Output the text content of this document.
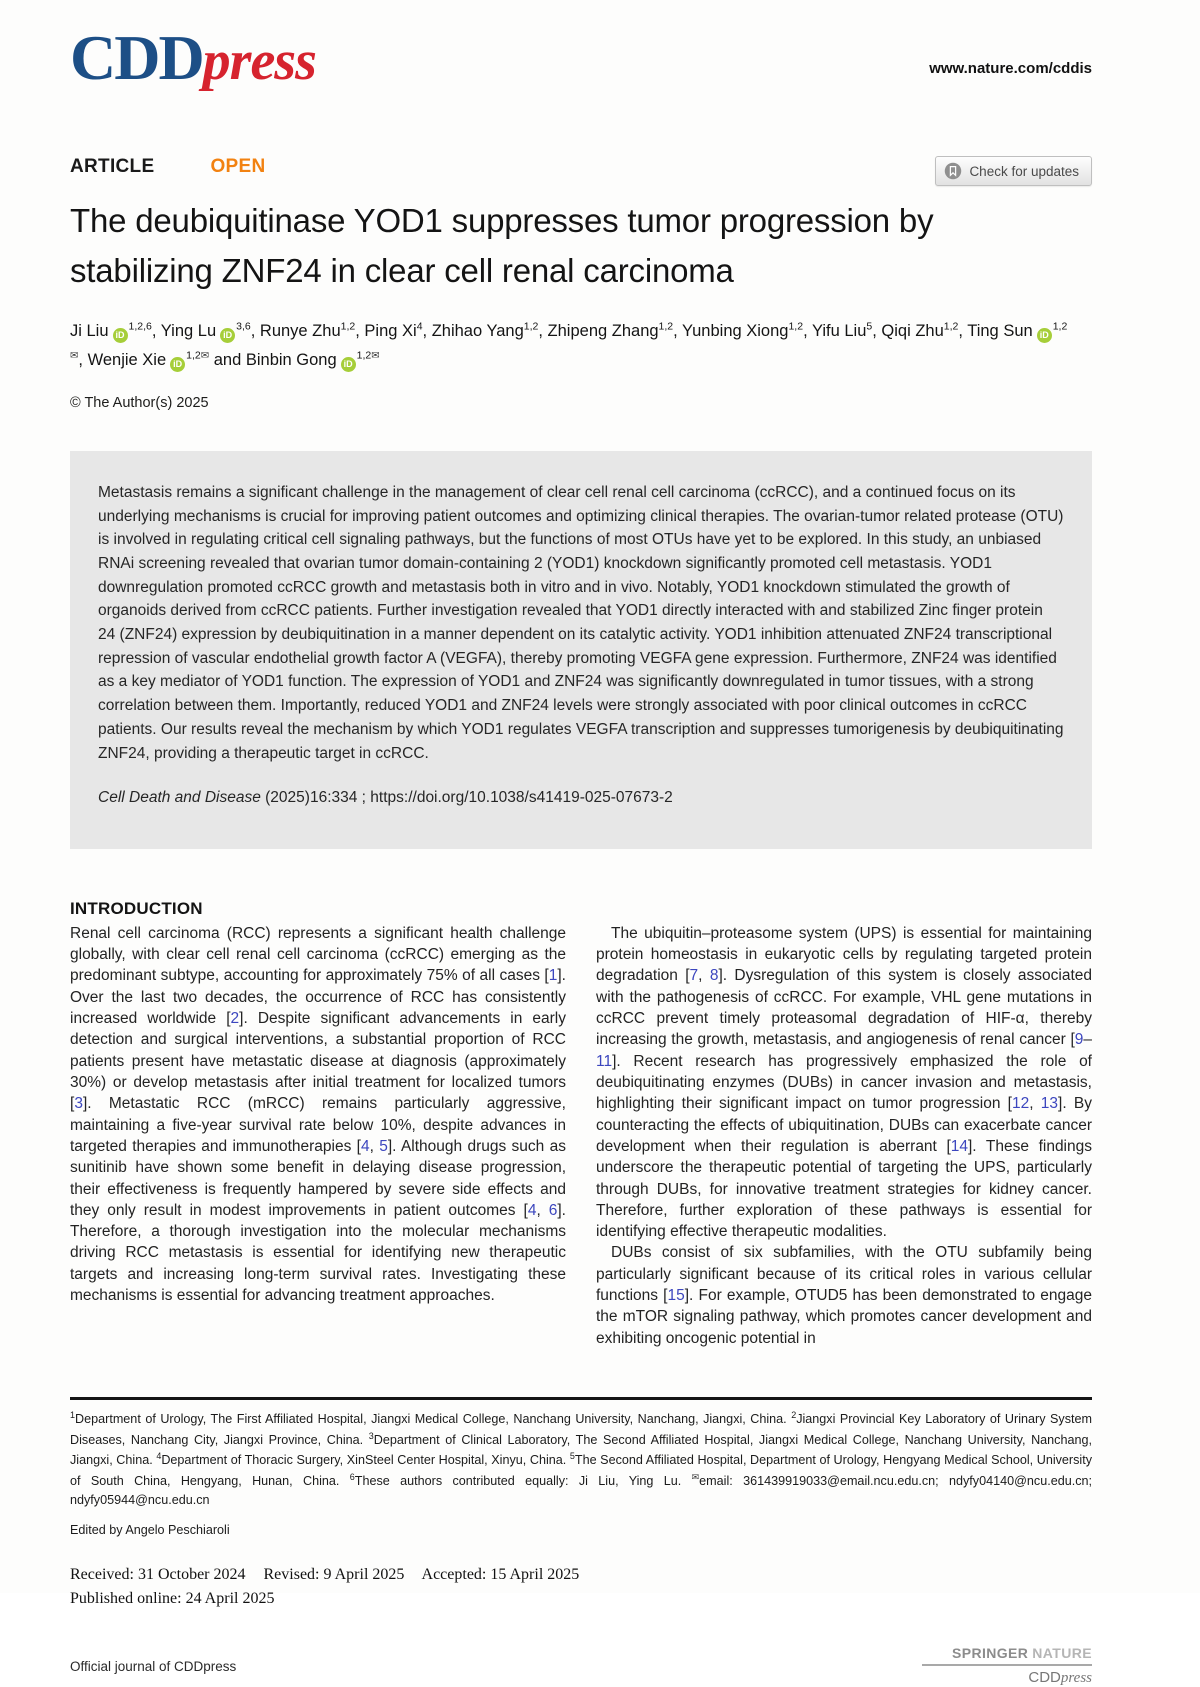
CDDpress	www.nature.com/cddis
ARTICLE	OPEN	Check for updates
The deubiquitinase YOD1 suppresses tumor progression by stabilizing ZNF24 in clear cell renal carcinoma

Ji Liu iD$^{1,2,6}$, Ying Lu iD$^{3,6}$, Runye Zhu$^{1,2}$, Ping Xi$^4$, Zhihao Yang$^{1,2}$, Zhipeng Zhang$^{1,2}$, Yunbing Xiong$^{1,2}$, Yifu Liu$^5$, Qiqi Zhu$^{1,2}$, Ting Sun $iD^{1,2✉}$, Wenjie Xie $iD^{1,2✉}$ and Binbin Gong $iD^{1,2✉}$

© The Author(s) 2025

Metastasis remains a significant challenge in the management of clear cell renal cell carcinoma (ccRCC), and a continued focus on its underlying mechanisms is crucial for improving patient outcomes and optimizing clinical therapies. The ovarian-tumor related protease (OTU) is involved in regulating critical cell signaling pathways, but the functions of most OTUs have yet to be explored. In this study, an unbiased RNAi screening revealed that ovarian tumor domain-containing 2 (YOD1) knockdown significantly promoted cell metastasis. YOD1 downregulation promoted ccRCC growth and metastasis both in vitro and in vivo. Notably, YOD1 knockdown stimulated the growth of organoids derived from ccRCC patients. Further investigation revealed that YOD1 directly interacted with and stabilized Zinc finger protein 24 (ZNF24) expression by deubiquitination in a manner dependent on its catalytic activity. YOD1 inhibition attenuated ZNF24 transcriptional repression of vascular endothelial growth factor A (VEGFA), thereby promoting VEGFA gene expression. Furthermore, ZNF24 was identified as a key mediator of YOD1 function. The expression of YOD1 and ZNF24 was significantly downregulated in tumor tissues, with a strong correlation between them. Importantly, reduced YOD1 and ZNF24 levels were strongly associated with poor clinical outcomes in ccRCC patients. Our results reveal the mechanism by which YOD1 regulates VEGFA transcription and suppresses tumorigenesis by deubiquitinating ZNF24, providing a therapeutic target in ccRCC.

Cell Death and Disease (2025)16:334 ; https://doi.org/10.1038/s41419-025-07673-2

INTRODUCTION

Renal cell carcinoma (RCC) represents a significant health challenge globally, with clear cell renal cell carcinoma (ccRCC) emerging as the predominant subtype, accounting for approximately 75% of all cases [1]. Over the last two decades, the occurrence of RCC has consistently increased worldwide [2]. Despite significant advancements in early detection and surgical interventions, a substantial proportion of RCC patients present have metastatic disease at diagnosis (approximately 30%) or develop metastasis after initial treatment for localized tumors [3]. Metastatic RCC (mRCC) remains particularly aggressive, maintaining a five-year survival rate below 10%, despite advances in targeted therapies and immunotherapies [4, 5]. Although drugs such as sunitinib have shown some benefit in delaying disease progression, their effectiveness is frequently hampered by severe side effects and they only result in modest improvements in patient outcomes [4, 6]. Therefore, a thorough investigation into the molecular mechanisms driving RCC metastasis is essential for identifying new therapeutic targets and increasing long-term survival rates. Investigating these mechanisms is essential for advancing treatment approaches.

The ubiquitin–proteasome system (UPS) is essential for maintaining protein homeostasis in eukaryotic cells by regulating targeted protein degradation [7, 8]. Dysregulation of this system is closely associated with the pathogenesis of ccRCC. For example, VHL gene mutations in ccRCC prevent timely proteasomal degradation of HIF-α, thereby increasing the growth, metastasis, and angiogenesis of renal cancer [9–11]. Recent research has progressively emphasized the role of deubiquitinating enzymes (DUBs) in cancer invasion and metastasis, highlighting their significant impact on tumor progression [12, 13]. By counteracting the effects of ubiquitination, DUBs can exacerbate cancer development when their regulation is aberrant [14]. These findings underscore the therapeutic potential of targeting the UPS, particularly through DUBs, for innovative treatment strategies for kidney cancer. Therefore, further exploration of these pathways is essential for identifying effective therapeutic modalities.

DUBs consist of six subfamilies, with the OTU subfamily being particularly significant because of its critical roles in various cellular functions [15]. For example, OTUD5 has been demonstrated to engage the mTOR signaling pathway, which promotes cancer development and exhibiting oncogenic potential in

$^1$Department of Urology, The First Affiliated Hospital, Jiangxi Medical College, Nanchang University, Nanchang, Jiangxi, China. $^2$Jiangxi Provincial Key Laboratory of Urinary System Diseases, Nanchang City, Jiangxi Province, China. $^3$Department of Clinical Laboratory, The Second Affiliated Hospital, Jiangxi Medical College, Nanchang University, Nanchang, Jiangxi, China. $^4$Department of Thoracic Surgery, XinSteel Center Hospital, Xinyu, China. $^5$The Second Affiliated Hospital, Department of Urology, Hengyang Medical School, University of South China, Hengyang, Hunan, China. $^6$These authors contributed equally: Ji Liu, Ying Lu. ✉email: 361439919033@email.ncu.edu.cn; ndyfy04140@ncu.edu.cn; ndyfy05944@ncu.edu.cn

Edited by Angelo Peschiaroli

Received: 31 October 2024 Revised: 9 April 2025 Accepted: 15 April 2025
Published online: 24 April 2025
Official journal of CDDpress
SPRINGER NATURE
CDDpress
